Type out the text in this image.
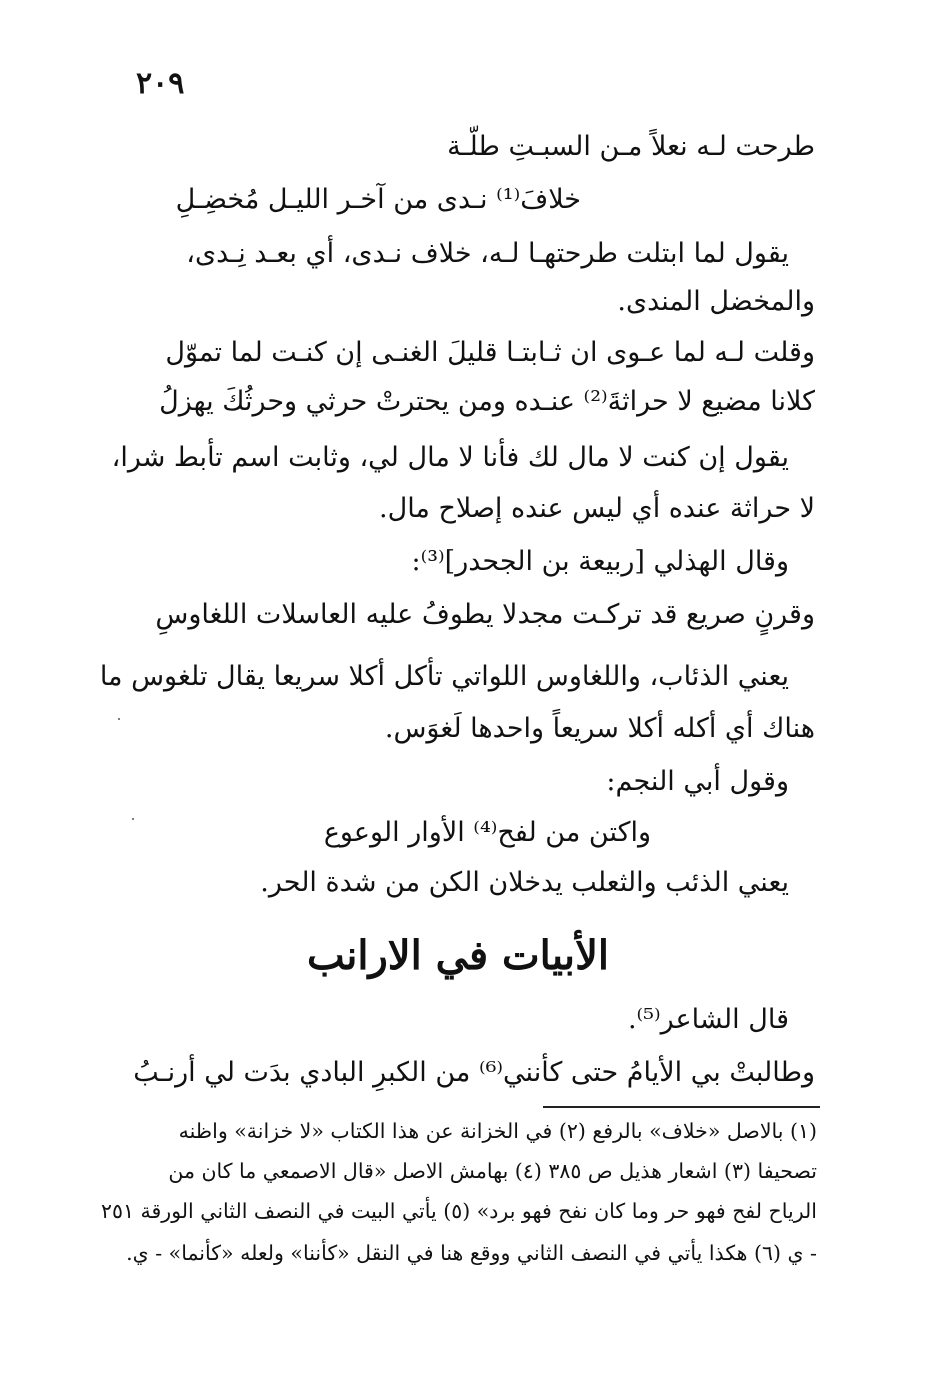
٢٠٩
طرحت لـه نعلاً مـن السبـتِ طلّـة
خلافَ⁽¹⁾ نـدى من آخـر الليـل مُخضِـلِ
يقول لما ابتلت طرحتهـا لـه، خلاف نـدى، أي بعـد نِـدى،
والمخضل المندى.
وقلت لـه لما عـوى ان ثـابتـا قليلَ الغنـى إن كنـت لما تموّل
كلانا مضيع لا حراثةَ⁽²⁾ عنـده ومن يحترتْ حرثي وحرثُكَ يهزلُ
يقول إن كنت لا مال لك فأنا لا مال لي، وثابت اسم تأبط شرا،
لا حراثة عنده أي ليس عنده إصلاح مال.
وقال الهذلي [ربيعة بن الجحدر]⁽³⁾:
وقرنٍ صريع قد تركـت مجدلا يطوفُ عليه العاسلات اللغاوسِ
يعني الذئاب، واللغاوس اللواتي تأكل أكلا سريعا يقال تلغوس ما
هناك أي أكله أكلا سريعاً واحدها لَغوَس.
وقول أبي النجم:
واكتن من لفح⁽⁴⁾ الأوار الوعوع
يعني الذئب والثعلب يدخلان الكن من شدة الحر.
الأبيات في الارانب
قال الشاعر⁽⁵⁾.
وطالبتْ بي الأيامُ حتى كأنني⁽⁶⁾ من الكبرِ البادي بدَت لي أرنـبُ
(١) بالاصل «خلاف» بالرفع (٢) في الخزانة عن هذا الكتاب «لا خزانة» واظنه
تصحيفا (٣) اشعار هذيل ص ٣٨٥ (٤) بهامش الاصل «قال الاصمعي ما كان من
الرياح لفح فهو حر وما كان نفح فهو برد» (٥) يأتي البيت في النصف الثاني الورقة ٢٥١
- ي (٦) هكذا يأتي في النصف الثاني ووقع هنا في النقل «كأننا» ولعله «كأنما» - ي.
